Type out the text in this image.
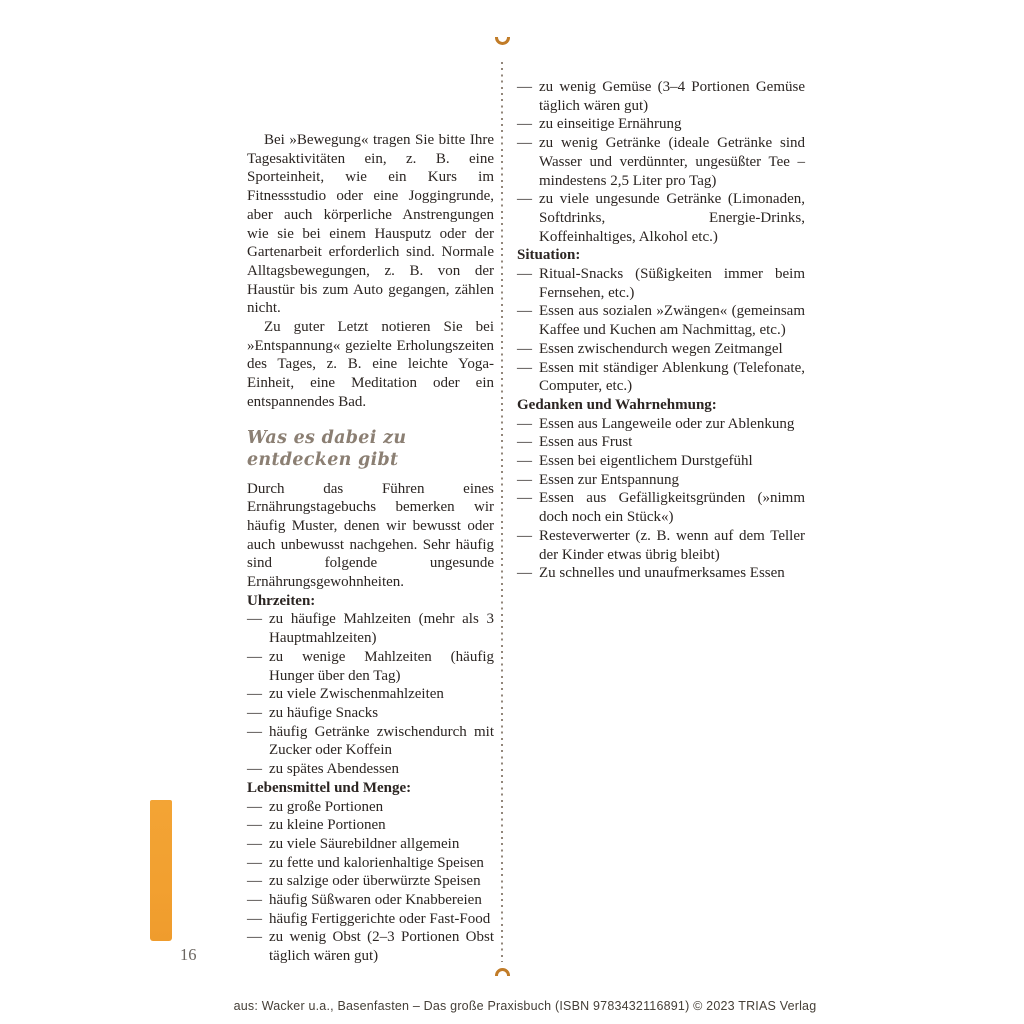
Bei »Bewegung« tragen Sie bitte Ihre Tagesaktivitäten ein, z. B. eine Sporteinheit, wie ein Kurs im Fitnessstudio oder eine Joggingrunde, aber auch körperliche Anstrengungen wie sie bei einem Hausputz oder der Gartenarbeit erforderlich sind. Normale Alltagsbewegungen, z. B. von der Haustür bis zum Auto gegangen, zählen nicht.

Zu guter Letzt notieren Sie bei »Entspannung« gezielte Erholungszeiten des Tages, z. B. eine leichte Yoga-Einheit, eine Meditation oder ein entspannendes Bad.

Was es dabei zu entdecken gibt

Durch das Führen eines Ernährungstagebuchs bemerken wir häufig Muster, denen wir bewusst oder auch unbewusst nachgehen. Sehr häufig sind folgende ungesunde Ernährungsgewohnheiten.

Uhrzeiten:
— zu häufige Mahlzeiten (mehr als 3 Hauptmahlzeiten)
— zu wenige Mahlzeiten (häufig Hunger über den Tag)
— zu viele Zwischenmahlzeiten
— zu häufige Snacks
— häufig Getränke zwischendurch mit Zucker oder Koffein
— zu spätes Abendessen
Lebensmittel und Menge:
— zu große Portionen
— zu kleine Portionen
— zu viele Säurebildner allgemein
— zu fette und kalorienhaltige Speisen
— zu salzige oder überwürzte Speisen
— häufig Süßwaren oder Knabbereien
— häufig Fertiggerichte oder Fast-Food
— zu wenig Obst (2–3 Portionen Obst täglich wären gut)
— zu wenig Gemüse (3–4 Portionen Gemüse täglich wären gut)
— zu einseitige Ernährung
— zu wenig Getränke (ideale Getränke sind Wasser und verdünnter, ungesüßter Tee – mindestens 2,5 Liter pro Tag)
— zu viele ungesunde Getränke (Limonaden, Softdrinks, Energie-Drinks, Koffeinhaltiges, Alkohol etc.)
Situation:
— Ritual-Snacks (Süßigkeiten immer beim Fernsehen, etc.)
— Essen aus sozialen »Zwängen« (gemeinsam Kaffee und Kuchen am Nachmittag, etc.)
— Essen zwischendurch wegen Zeitmangel
— Essen mit ständiger Ablenkung (Telefonate, Computer, etc.)
Gedanken und Wahrnehmung:
— Essen aus Langeweile oder zur Ablenkung
— Essen aus Frust
— Essen bei eigentlichem Durstgefühl
— Essen zur Entspannung
— Essen aus Gefälligkeitsgründen (»nimm doch noch ein Stück«)
— Resteverwerter (z. B. wenn auf dem Teller der Kinder etwas übrig bleibt)
— Zu schnelles und unaufmerksames Essen
16
aus: Wacker u.a., Basenfasten – Das große Praxisbuch (ISBN 9783432116891) © 2023 TRIAS Verlag
